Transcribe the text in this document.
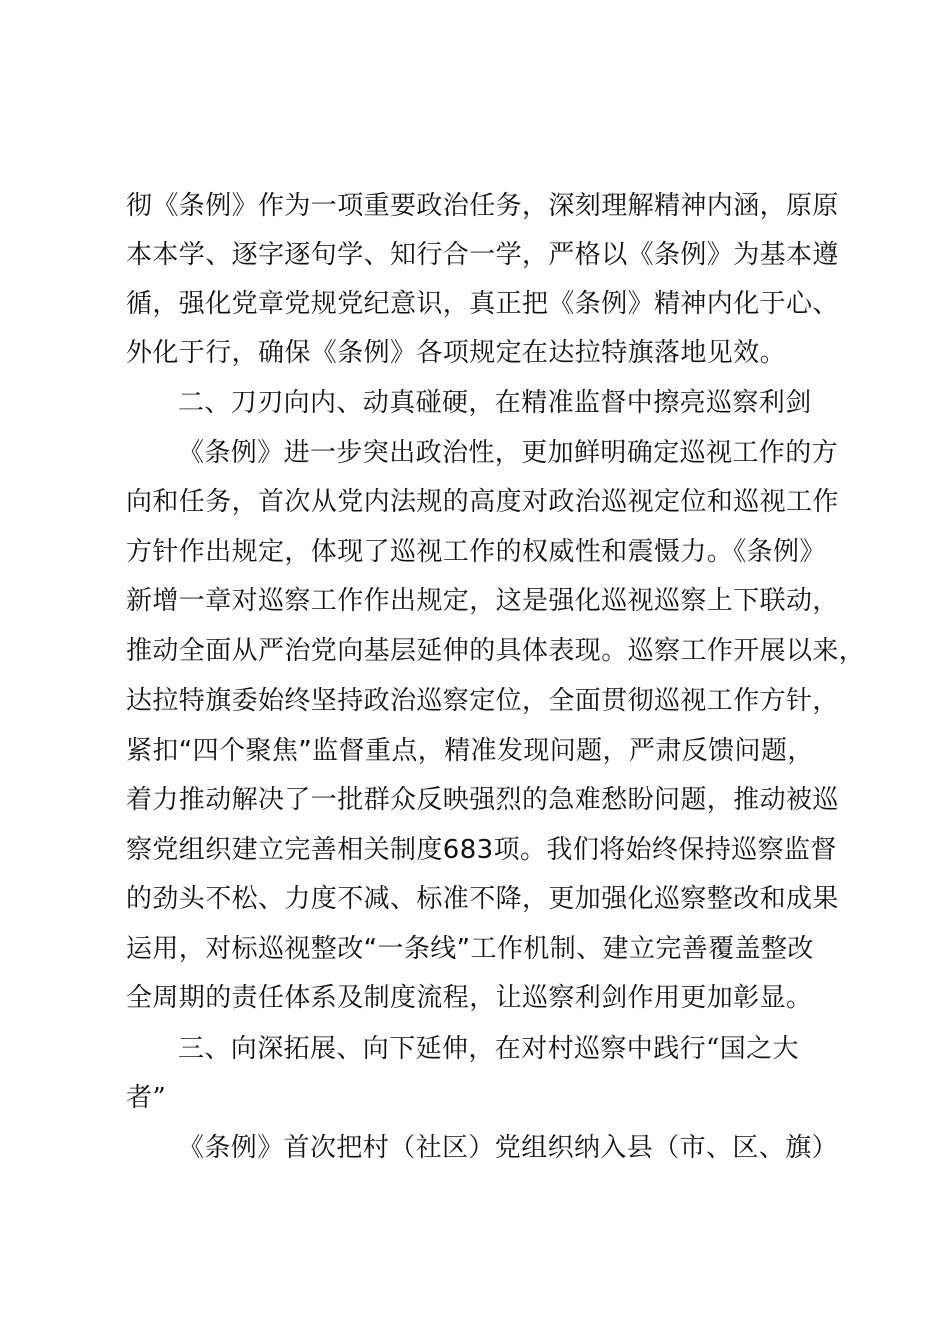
彻《条例》作为一项重要政治任务，深刻理解精神内涵，原原
本本学、逐字逐句学、知行合一学，严格以《条例》为基本遵
循，强化党章党规党纪意识，真正把《条例》精神内化于心、
外化于行，确保《条例》各项规定在达拉特旗落地见效。
二、刀刃向内、动真碰硬，在精准监督中擦亮巡察利剑
《条例》进一步突出政治性，更加鲜明确定巡视工作的方
向和任务，首次从党内法规的高度对政治巡视定位和巡视工作
方针作出规定，体现了巡视工作的权威性和震慑力。《条例》
新增一章对巡察工作作出规定，这是强化巡视巡察上下联动，
推动全面从严治党向基层延伸的具体表现。巡察工作开展以来，
达拉特旗委始终坚持政治巡察定位，全面贯彻巡视工作方针，
紧扣“四个聚焦”监督重点，精准发现问题，严肃反馈问题，
着力推动解决了一批群众反映强烈的急难愁盼问题，推动被巡
察党组织建立完善相关制度683项。我们将始终保持巡察监督
的劲头不松、力度不减、标准不降，更加强化巡察整改和成果
运用，对标巡视整改“一条线”工作机制、建立完善覆盖整改
全周期的责任体系及制度流程，让巡察利剑作用更加彰显。
三、向深拓展、向下延伸，在对村巡察中践行“国之大
者”
《条例》首次把村（社区）党组织纳入县（市、区、旗）
